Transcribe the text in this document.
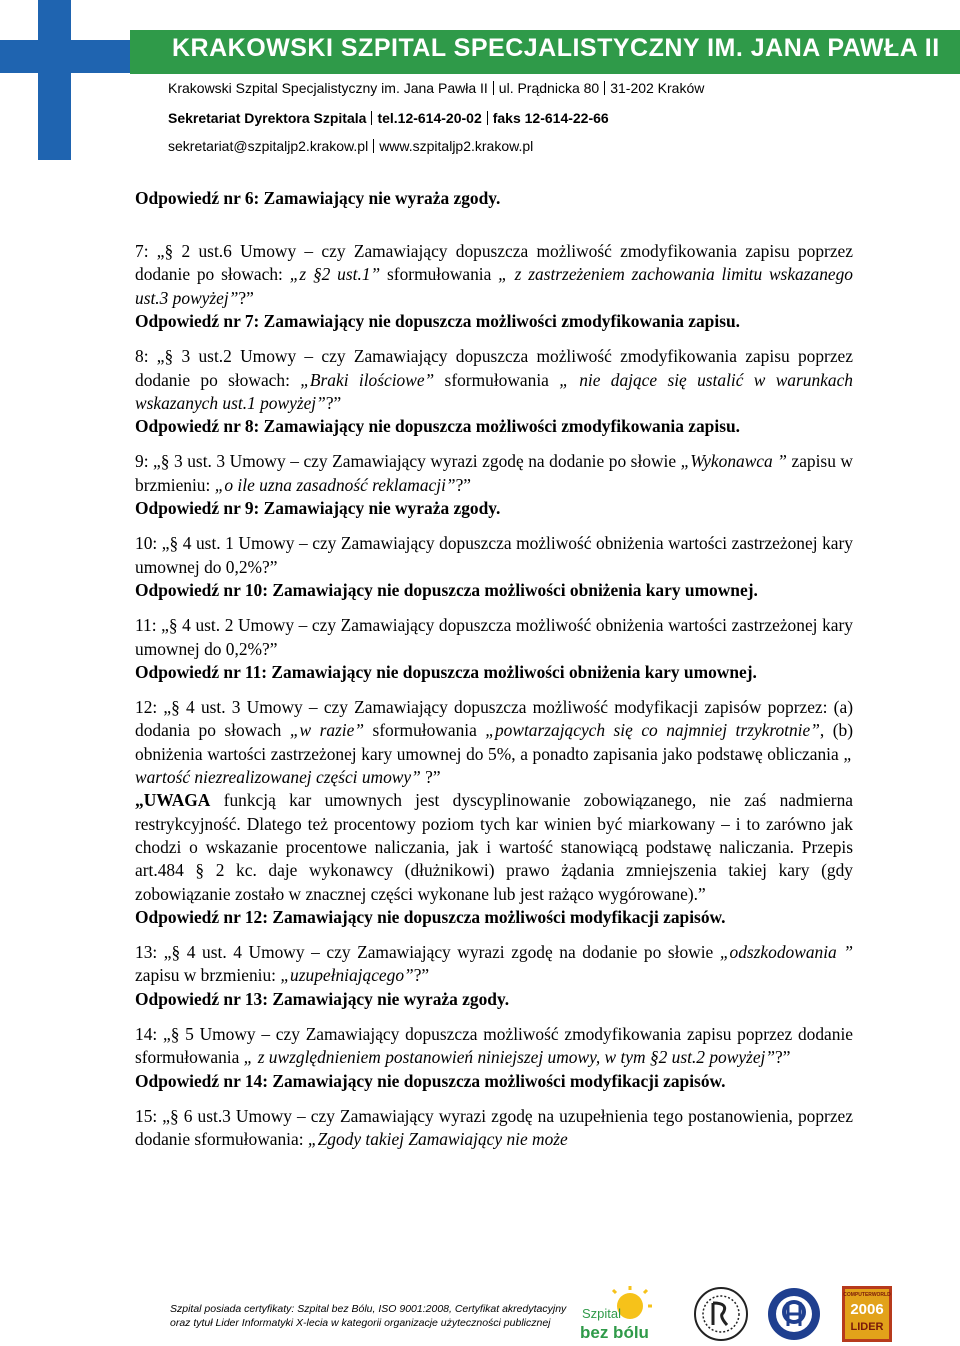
KRAKOWSKI SZPITAL SPECJALISTYCZNY IM. JANA PAWŁA II
Krakowski Szpital Specjalistyczny im. Jana Pawła II ul. Prądnicka 80 31-202 Kraków
Sekretariat Dyrektora Szpitala tel.12-614-20-02 faks 12-614-22-66
sekretariat@szpitaljp2.krakow.pl www.szpitaljp2.krakow.pl

Odpowiedź nr 6: Zamawiający nie wyraża zgody.

7: „§ 2 ust.6 Umowy – czy Zamawiający dopuszcza możliwość zmodyfikowania zapisu poprzez dodanie po słowach: „z §2 ust.1” sformułowania „ z zastrzeżeniem zachowania limitu wskazanego ust.3 powyżej”?”

Odpowiedź nr 7: Zamawiający nie dopuszcza możliwości zmodyfikowania zapisu.

8: „§ 3 ust.2 Umowy – czy Zamawiający dopuszcza możliwość zmodyfikowania zapisu poprzez dodanie po słowach: „Braki ilościowe” sformułowania „ nie dające się ustalić w warunkach wskazanych ust.1 powyżej”?”

Odpowiedź nr 8: Zamawiający nie dopuszcza możliwości zmodyfikowania zapisu.

9: „§ 3 ust. 3 Umowy – czy Zamawiający wyrazi zgodę na dodanie po słowie „Wykonawca ” zapisu w brzmieniu: „o ile uzna zasadność reklamacji”?”

Odpowiedź nr 9: Zamawiający nie wyraża zgody.

10: „§ 4 ust. 1 Umowy – czy Zamawiający dopuszcza możliwość obniżenia wartości zastrzeżonej kary umownej do 0,2%?”

Odpowiedź nr 10: Zamawiający nie dopuszcza możliwości obniżenia kary umownej.

11: „§ 4 ust. 2 Umowy – czy Zamawiający dopuszcza możliwość obniżenia wartości zastrzeżonej kary umownej do 0,2%?”

Odpowiedź nr 11: Zamawiający nie dopuszcza możliwości obniżenia kary umownej.

12: „§ 4 ust. 3 Umowy – czy Zamawiający dopuszcza możliwość modyfikacji zapisów poprzez: (a) dodania po słowach „w razie” sformułowania „powtarzających się co najmniej trzykrotnie”, (b) obniżenia wartości zastrzeżonej kary umownej do 5%, a ponadto zapisania jako podstawę obliczania „ wartość niezrealizowanej części umowy” ?”

„UWAGA funkcją kar umownych jest dyscyplinowanie zobowiązanego, nie zaś nadmierna restrykcyjność. Dlatego też procentowy poziom tych kar winien być miarkowany – i to zarówno jak chodzi o wskazanie procentowe naliczania, jak i wartość stanowiącą podstawę naliczania. Przepis art.484 § 2 kc. daje wykonawcy (dłużnikowi) prawo żądania zmniejszenia takiej kary (gdy zobowiązanie zostało w znacznej części wykonane lub jest rażąco wygórowane).”

Odpowiedź nr 12: Zamawiający nie dopuszcza możliwości modyfikacji zapisów.

13: „§ 4 ust. 4 Umowy – czy Zamawiający wyrazi zgodę na dodanie po słowie „odszkodowania ” zapisu w brzmieniu: „uzupełniającego”?”

Odpowiedź nr 13: Zamawiający nie wyraża zgody.

14: „§ 5 Umowy – czy Zamawiający dopuszcza możliwość zmodyfikowania zapisu poprzez dodanie sformułowania „ z uwzględnieniem postanowień niniejszej umowy, w tym §2 ust.2 powyżej”?”

Odpowiedź nr 14: Zamawiający nie dopuszcza możliwości modyfikacji zapisów.

15: „§ 6 ust.3 Umowy – czy Zamawiający wyrazi zgodę na uzupełnienia tego postanowienia, poprzez dodanie sformułowania: „Zgody takiej Zamawiający nie może

Szpital posiada certyfikaty: Szpital bez Bólu, ISO 9001:2008, Certyfikat akredytacyjny
oraz tytuł Lider Informatyki X-lecia w kategorii organizacje użyteczności publicznej
Szpital
bez bólu
COMPUTERWORLD
2006
LIDER
